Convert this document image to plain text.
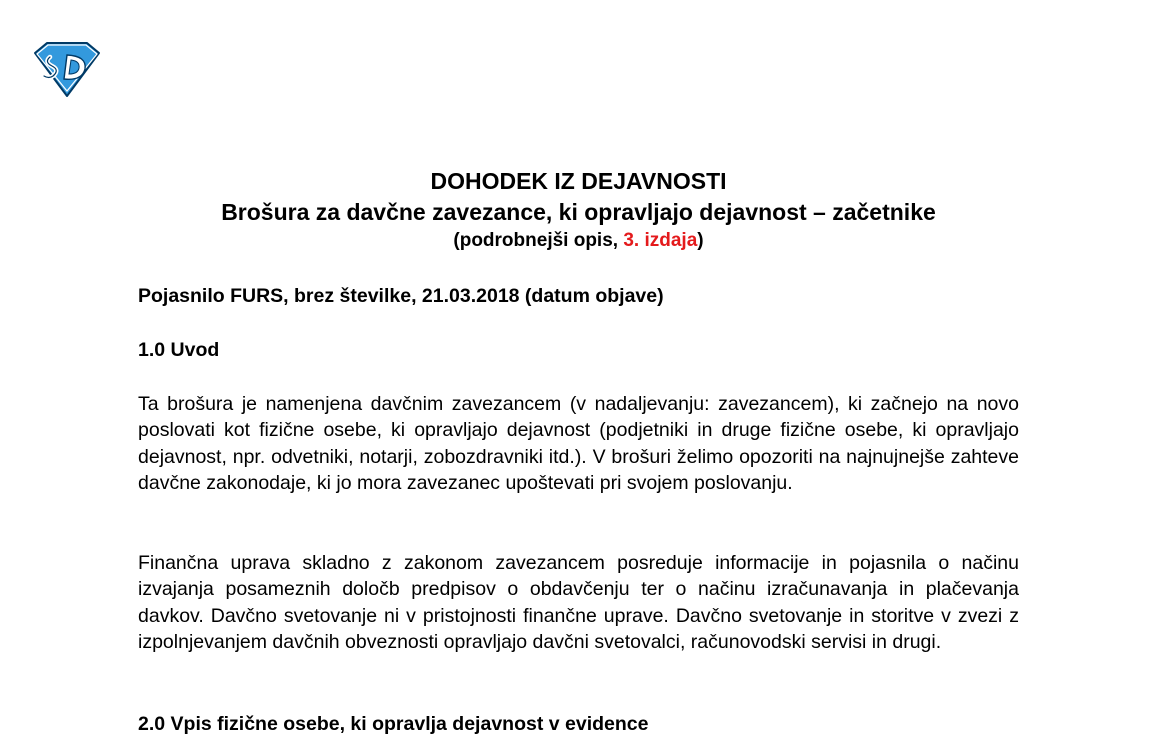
DOHODEK IZ DEJAVNOSTI
Brošura za davčne zavezance, ki opravljajo dejavnost – začetnike
(podrobnejši opis, 3. izdaja)
Pojasnilo FURS, brez številke, 21.03.2018 (datum objave)
1.0 Uvod
Ta brošura je namenjena davčnim zavezancem (v nadaljevanju: zavezancem), ki začnejo na novo poslovati kot fizične osebe, ki opravljajo dejavnost (podjetniki in druge fizične osebe, ki opravljajo dejavnost, npr. odvetniki, notarji, zobozdravniki itd.). V brošuri želimo opozoriti na najnujnejše zahteve davčne zakonodaje, ki jo mora zavezanec upoštevati pri svojem poslovanju.
Finančna uprava skladno z zakonom zavezancem posreduje informacije in pojasnila o načinu izvajanja posameznih določb predpisov o obdavčenju ter o načinu izračunavanja in plačevanja davkov. Davčno svetovanje ni v pristojnosti finančne uprave. Davčno svetovanje in storitve v zvezi z izpolnjevanjem davčnih obveznosti opravljajo davčni svetovalci, računovodski servisi in drugi.
2.0 Vpis fizične osebe, ki opravlja dejavnost v evidence
